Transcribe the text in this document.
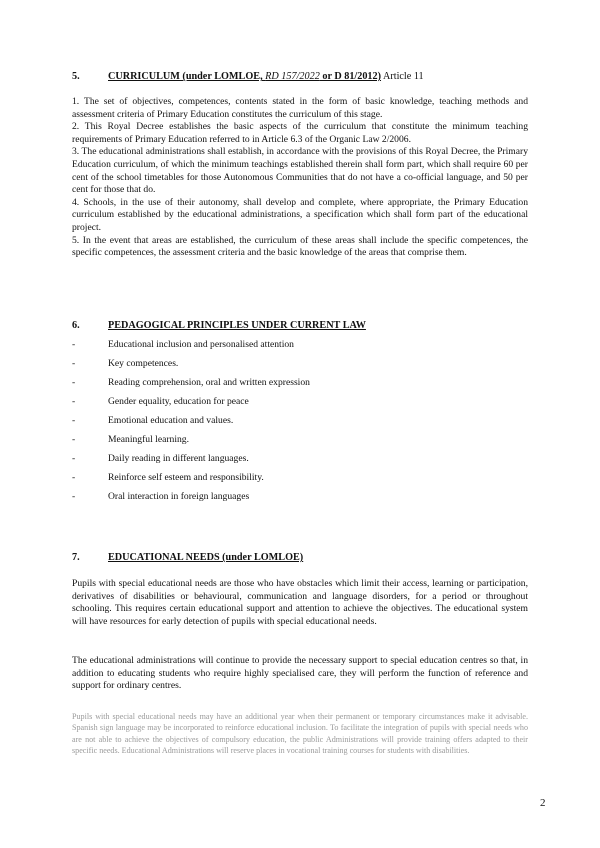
5.	CURRICULUM (under LOMLOE, RD 157/2022 or D 81/2012) Article 11

1. The set of objectives, competences, contents stated in the form of basic knowledge, teaching methods and assessment criteria of Primary Education constitutes the curriculum of this stage.

2. This Royal Decree establishes the basic aspects of the curriculum that constitute the minimum teaching requirements of Primary Education referred to in Article 6.3 of the Organic Law 2/2006.

3. The educational administrations shall establish, in accordance with the provisions of this Royal Decree, the Primary Education curriculum, of which the minimum teachings established therein shall form part, which shall require 60 per cent of the school timetables for those Autonomous Communities that do not have a co-official language, and 50 per cent for those that do.

4. Schools, in the use of their autonomy, shall develop and complete, where appropriate, the Primary Education curriculum established by the educational administrations, a specification which shall form part of the educational project.

5. In the event that areas are established, the curriculum of these areas shall include the specific competences, the specific competences, the assessment criteria and the basic knowledge of the areas that comprise them.

6.	PEDAGOGICAL PRINCIPLES UNDER CURRENT LAW
-	Educational inclusion and personalised attention
-	Key competences.
-	Reading comprehension, oral and written expression
-	Gender equality, education for peace
-	Emotional education and values.
-	Meaningful learning.
-	Daily reading in different languages.
-	Reinforce self esteem and responsibility.
-	Oral interaction in foreign languages
7.	EDUCATIONAL NEEDS (under LOMLOE)
Pupils with special educational needs are those who have obstacles which limit their access, learning or participation, derivatives of disabilities or behavioural, communication and language disorders, for a period or throughout schooling. This requires certain educational support and attention to achieve the objectives. The educational system will have resources for early detection of pupils with special educational needs.
The educational administrations will continue to provide the necessary support to special education centres so that, in addition to educating students who require highly specialised care, they will perform the function of reference and support for ordinary centres.
Pupils with special educational needs may have an additional year when their permanent or temporary circumstances make it advisable. Spanish sign language may be incorporated to reinforce educational inclusion. To facilitate the integration of pupils with special needs who are not able to achieve the objectives of compulsory education, the public Administrations will provide training offers adapted to their specific needs. Educational Administrations will reserve places in vocational training courses for students with disabilities.
2
